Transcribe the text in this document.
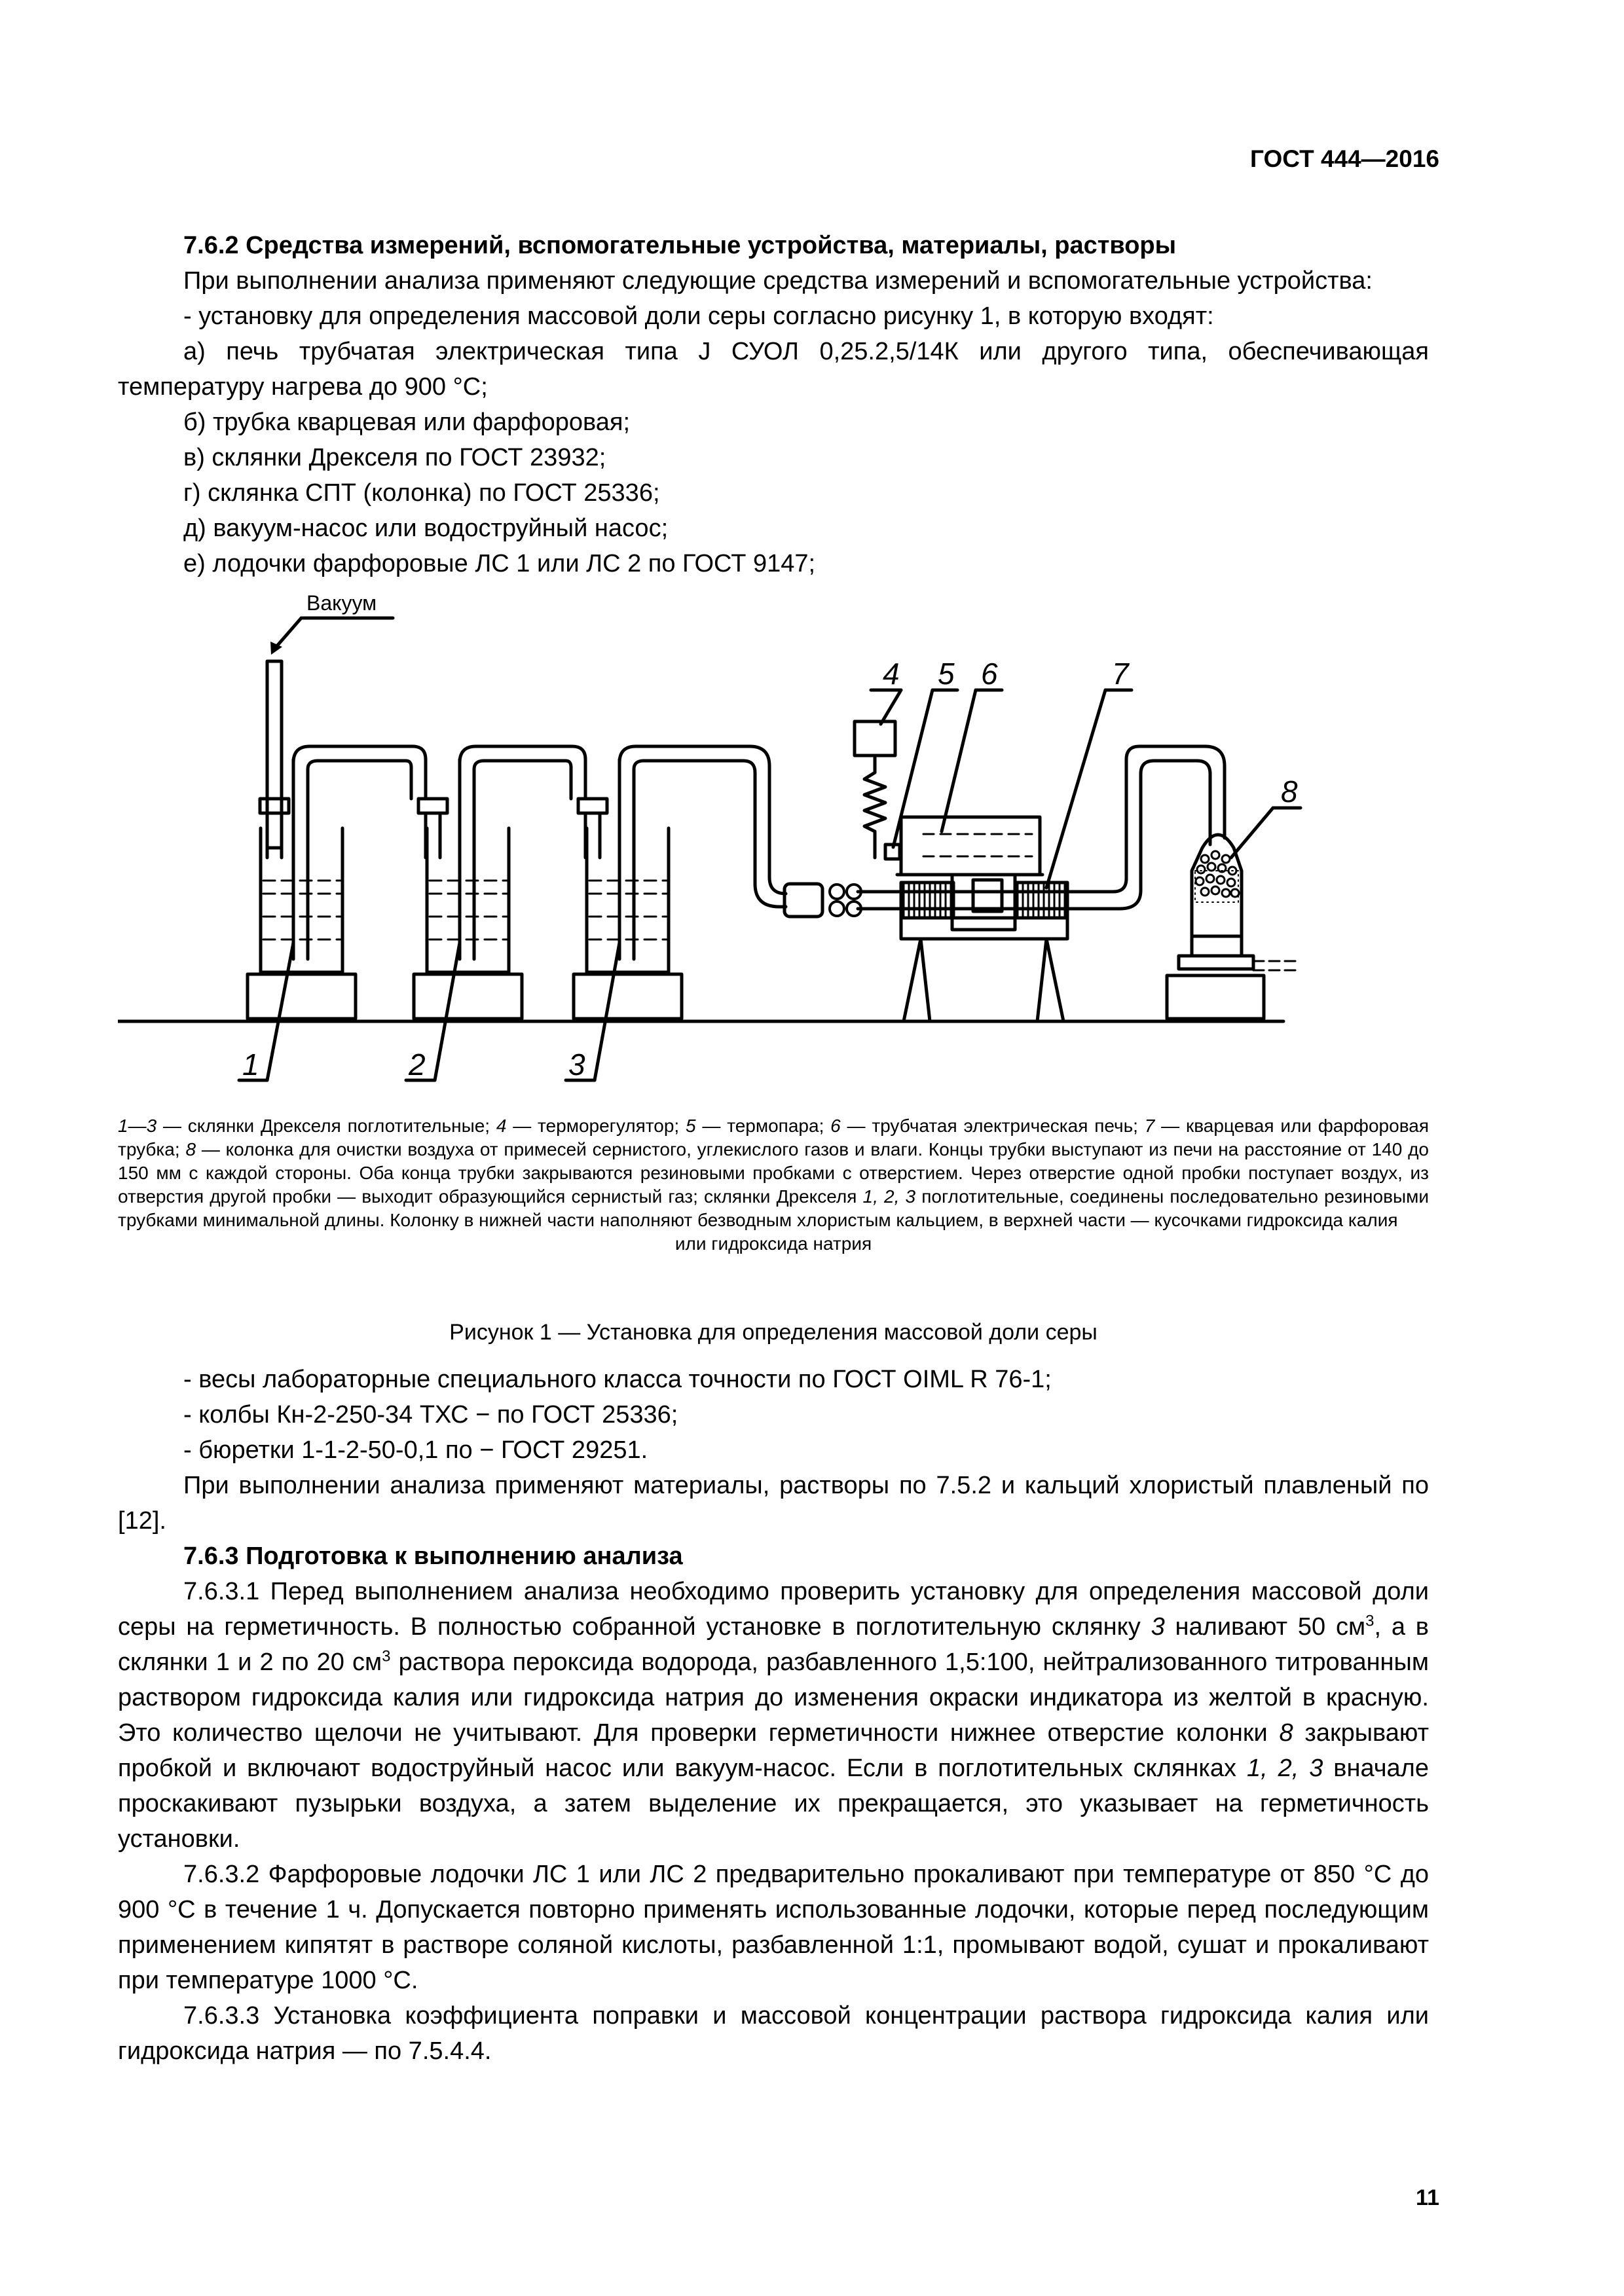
ГОСТ 444—2016

7.6.2 Средства измерений, вспомогательные устройства, материалы, растворы

При выполнении анализа применяют следующие средства измерений и вспомогательные устройства:

- установку для определения массовой доли серы согласно рисунку 1, в которую входят:

а) печь трубчатая электрическая типа J СУОЛ 0,25.2,5/14К или другого типа, обеспечивающая температуру нагрева до 900 °С;

б) трубка кварцевая или фарфоровая;

в) склянки Дрекселя по ГОСТ 23932;

г) склянка СПТ (колонка) по ГОСТ 25336;

д) вакуум-насос или водоструйный насос;

е) лодочки фарфоровые ЛС 1 или ЛС 2 по ГОСТ 9147;

Вакуум
1	2	3
4 5 6	7
8
1—3 — склянки Дрекселя поглотительные; 4 — терморегулятор; 5 — термопара; 6 — трубчатая электрическая печь; 7 — кварцевая или фарфоровая трубка; 8 — колонка для очистки воздуха от примесей сернистого, углекислого газов и влаги. Концы трубки выступают из печи на расстояние от 140 до 150 мм с каждой стороны. Оба конца трубки закрываются резиновыми пробками с отверстием. Через отверстие одной пробки поступает воздух, из отверстия другой пробки — выходит образующийся сернистый газ; склянки Дрекселя 1, 2, 3 поглотительные, соединены последовательно резиновыми трубками минимальной длины. Колонку в нижней части наполняют безводным хлористым кальцием, в верхней части — кусочками гидроксида калия
или гидроксида натрия
Рисунок 1 — Установка для определения массовой доли серы

- весы лабораторные специального класса точности по ГОСТ OIML R 76-1;

- колбы Кн-2-250-34 ТХС − по ГОСТ 25336;

- бюретки 1-1-2-50-0,1 по − ГОСТ 29251.

При выполнении анализа применяют материалы, растворы по 7.5.2 и кальций хлористый плавленый по [12].

7.6.3 Подготовка к выполнению анализа

7.6.3.1 Перед выполнением анализа необходимо проверить установку для определения массовой доли серы на герметичность. В полностью собранной установке в поглотительную склянку 3 наливают 50 $см^3$, а в склянки 1 и 2 по 20 $см^3$ раствора пероксида водорода, разбавленного 1,5:100, нейтрализованного титрованным раствором гидроксида калия или гидроксида натрия до изменения окраски индикатора из желтой в красную. Это количество щелочи не учитывают. Для проверки герметичности нижнее отверстие колонки 8 закрывают пробкой и включают водоструйный насос или вакуум-насос. Если в поглотительных склянках 1, 2, 3 вначале проскакивают пузырьки воздуха, а затем выделение их прекращается, это указывает на герметичность установки.

7.6.3.2 Фарфоровые лодочки ЛС 1 или ЛС 2 предварительно прокаливают при температуре от 850 °С до 900 °С в течение 1 ч. Допускается повторно применять использованные лодочки, которые перед последующим применением кипятят в растворе соляной кислоты, разбавленной 1:1, промывают водой, сушат и прокаливают при температуре 1000 °С.

7.6.3.3 Установка коэффициента поправки и массовой концентрации раствора гидроксида калия или гидроксида натрия — по 7.5.4.4.

11
